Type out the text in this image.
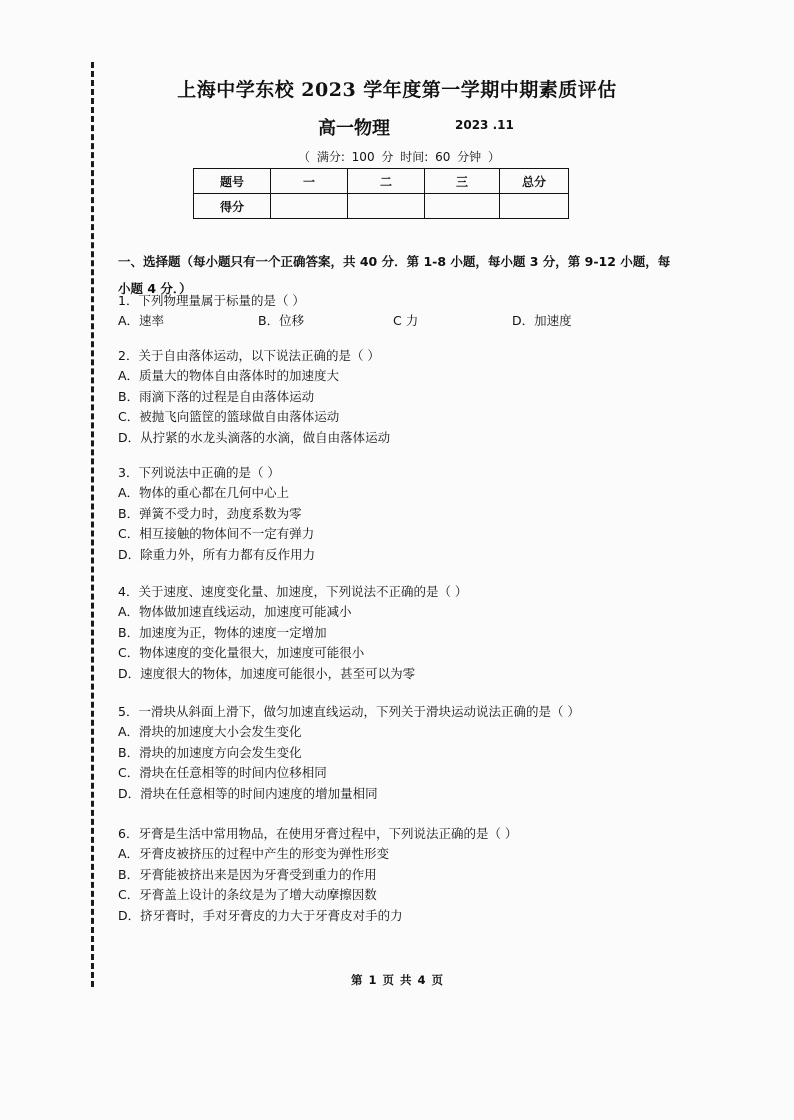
上海中学东校 2023 学年度第一学期中期素质评估
高一物理	2023 .11
（ 满分: 100 分 时间: 60 分钟 ）
题号	一	二	三	总分
得分				
一、选择题（每小题只有一个正确答案，共 40 分．第 1-8 小题，每小题 3 分，第 9-12 小题，每小题 4 分．）

1．下列物理量属于标量的是（ ）

A．速率	B．位移	C 力	D．加速度

2．关于自由落体运动，以下说法正确的是（ ）

A．质量大的物体自由落体时的加速度大

B．雨滴下落的过程是自由落体运动

C．被抛飞向篮筐的篮球做自由落体运动

D．从拧紧的水龙头滴落的水滴，做自由落体运动

3．下列说法中正确的是（ ）

A．物体的重心都在几何中心上

B．弹簧不受力时，劲度系数为零

C．相互接触的物体间不一定有弹力

D．除重力外，所有力都有反作用力

4．关于速度、速度变化量、加速度，下列说法不正确的是（ ）

A．物体做加速直线运动，加速度可能减小

B．加速度为正，物体的速度一定增加

C．物体速度的变化量很大，加速度可能很小

D．速度很大的物体，加速度可能很小，甚至可以为零

5．一滑块从斜面上滑下，做匀加速直线运动，下列关于滑块运动说法正确的是（ ）

A．滑块的加速度大小会发生变化

B．滑块的加速度方向会发生变化

C．滑块在任意相等的时间内位移相同

D．滑块在任意相等的时间内速度的增加量相同

6．牙膏是生活中常用物品，在使用牙膏过程中，下列说法正确的是（ ）

A．牙膏皮被挤压的过程中产生的形变为弹性形变

B．牙膏能被挤出来是因为牙膏受到重力的作用

C．牙膏盖上设计的条纹是为了增大动摩擦因数

D．挤牙膏时，手对牙膏皮的力大于牙膏皮对手的力

第 1 页 共 4 页
